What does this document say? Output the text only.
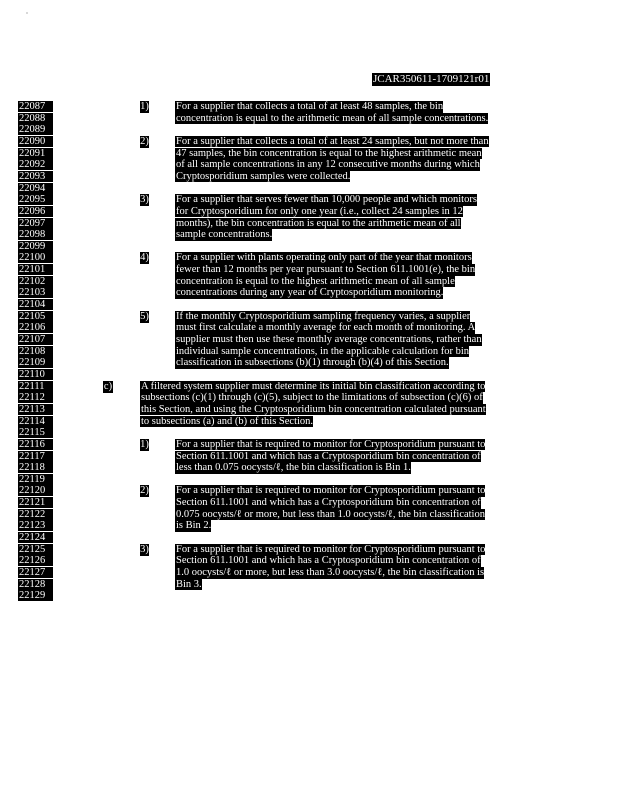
JCAR350611-1709121r01
22087
22088
22089
22090
22091
22092
22093
22094
22095
22096
22097
22098
22099
22100
22101
22102
22103
22104
22105
22106
22107
22108
22109
22110
22111
22112
22113
22114
22115
22116
22117
22118
22119
22120
22121
22122
22123
22124
22125
22126
22127
22128
22129
1)	For a supplier that collects a total of at least 48 samples, the bin
concentration is equal to the arithmetic mean of all sample concentrations.
2)	For a supplier that collects a total of at least 24 samples, but not more than
47 samples, the bin concentration is equal to the highest arithmetic mean
of all sample concentrations in any 12 consecutive months during which
Cryptosporidium samples were collected.
3)	For a supplier that serves fewer than 10,000 people and which monitors
for Cryptosporidium for only one year (i.e., collect 24 samples in 12
months), the bin concentration is equal to the arithmetic mean of all
sample concentrations.
4)	For a supplier with plants operating only part of the year that monitors
fewer than 12 months per year pursuant to Section 611.1001(e), the bin
concentration is equal to the highest arithmetic mean of all sample
concentrations during any year of Cryptosporidium monitoring.
5)	If the monthly Cryptosporidium sampling frequency varies, a supplier
must first calculate a monthly average for each month of monitoring. A
supplier must then use these monthly average concentrations, rather than
individual sample concentrations, in the applicable calculation for bin
classification in subsections (b)(1) through (b)(4) of this Section.
c)	A filtered system supplier must determine its initial bin classification according to
subsections (c)(1) through (c)(5), subject to the limitations of subsection (c)(6) of
this Section, and using the Cryptosporidium bin concentration calculated pursuant
to subsections (a) and (b) of this Section.
1)	For a supplier that is required to monitor for Cryptosporidium pursuant to
Section 611.1001 and which has a Cryptosporidium bin concentration of
less than 0.075 oocysts/ℓ, the bin classification is Bin 1.
2)	For a supplier that is required to monitor for Cryptosporidium pursuant to
Section 611.1001 and which has a Cryptosporidium bin concentration of
0.075 oocysts/ℓ or more, but less than 1.0 oocysts/ℓ, the bin classification
is Bin 2.
3)	For a supplier that is required to monitor for Cryptosporidium pursuant to
Section 611.1001 and which has a Cryptosporidium bin concentration of
1.0 oocysts/ℓ or more, but less than 3.0 oocysts/ℓ, the bin classification is
Bin 3.
